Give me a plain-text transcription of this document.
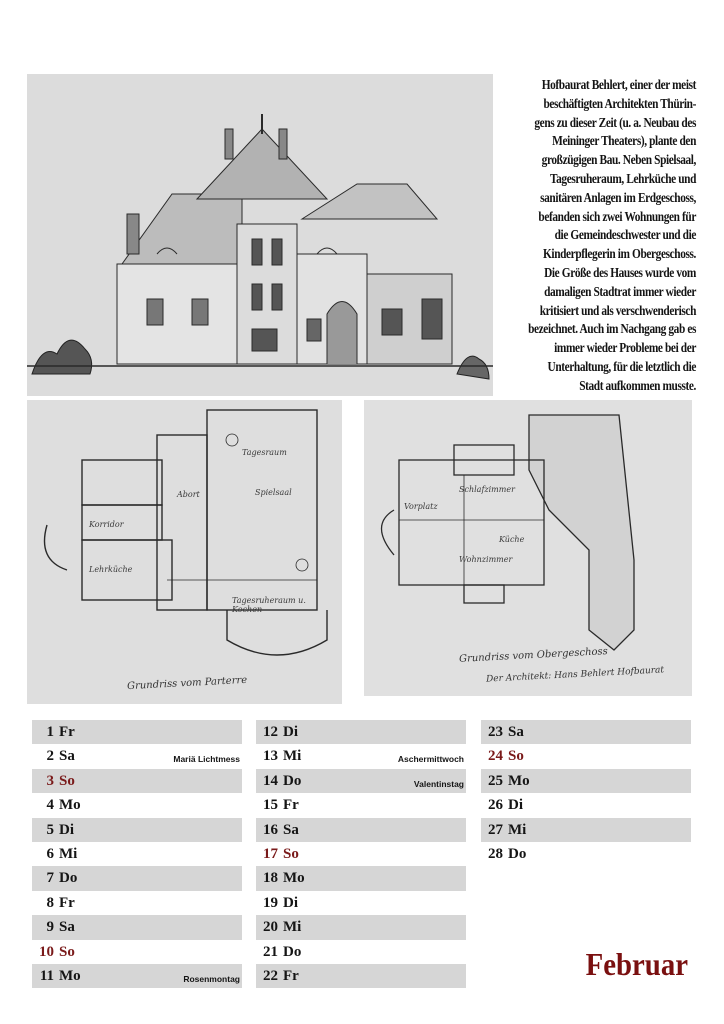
Tagesraum
Spielsaal
Korridor
Lehrküche
Tagesruheraum u. Kochen
Abort
Grundriss vom Parterre
Schlafzimmer
Wohnzimmer
Küche
Vorplatz
Grundriss vom Obergeschoss
Der Architekt: Hans Behlert Hofbaurat
Hofbaurat Behlert, einer der meist
beschäftigten Architekten Thürin-
gens zu dieser Zeit (u. a. Neubau des
Meininger Theaters), plante den
großzügigen Bau. Neben Spielsaal,
Tagesruheraum, Lehrküche und
sanitären Anlagen im Erdgeschoss,
befanden sich zwei Wohnungen für
die Gemeindeschwester und die
Kinderpflegerin im Obergeschoss.
Die Größe des Hauses wurde vom
damaligen Stadtrat immer wieder
kritisiert und als verschwenderisch
bezeichnet. Auch im Nachgang gab es
immer wieder Probleme bei der
Unterhaltung, für die letztlich die
Stadt aufkommen musste.
1 Fr
2 Sa	Mariä Lichtmess
3 So
4 Mo
5 Di
6 Mi
7 Do
8 Fr
9 Sa
10 So
11 Mo	Rosenmontag
12 Di
13 Mi	Aschermittwoch
14 Do	Valentinstag
15 Fr
16 Sa
17 So
18 Mo
19 Di
20 Mi
21 Do
22 Fr
23 Sa
24 So
25 Mo
26 Di
27 Mi
28 Do
Februar
